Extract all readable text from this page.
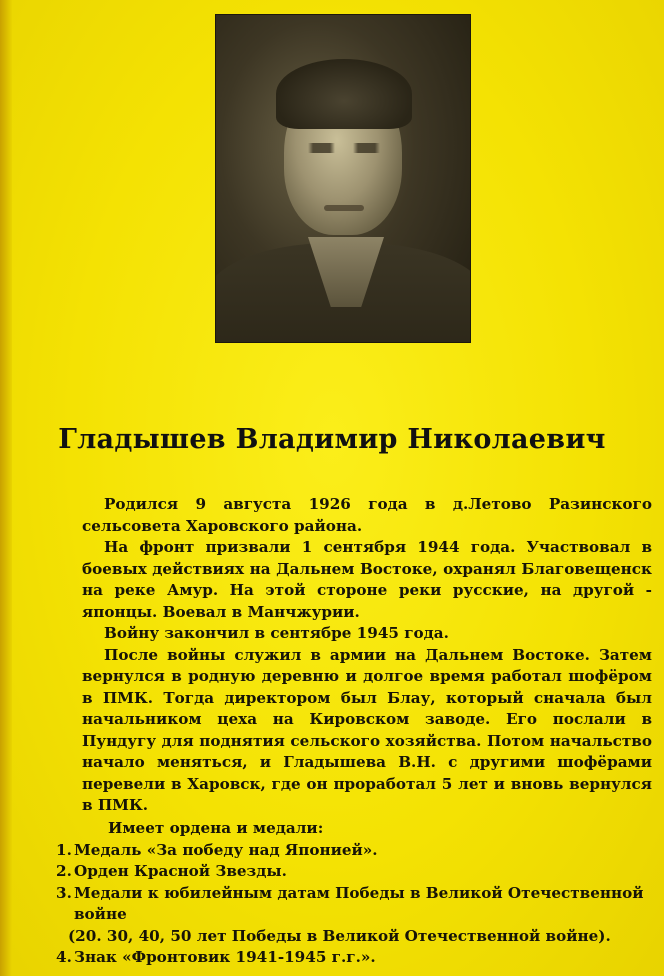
Гладышев Владимир Николаевич

Родился 9 августа 1926 года в д.Летово Разинского сельсовета Харовского района.

На фронт призвали 1 сентября 1944 года. Участвовал в боевых действиях на Дальнем Востоке, охранял Благовещенск на реке Амур. На этой стороне реки русские, на другой - японцы. Воевал в Манчжурии.

Войну закончил в сентябре 1945 года.

После войны служил в армии на Дальнем Востоке. Затем вернулся в родную деревню и долгое время работал шофёром в ПМК. Тогда директором был Блау, который сначала был начальником цеха на Кировском заводе. Его послали в Пундугу для поднятия сельского хозяйства. Потом начальство начало меняться, и Гладышева В.Н. с другими шофёрами перевели в Харовск, где он проработал 5 лет и вновь вернулся в ПМК.

Имеет ордена и медали:
1. Медаль «За победу над Японией».
2. Орден Красной Звезды.
3. Медали к юбилейным датам Победы в Великой Отечественной войне
(20. 30, 40, 50 лет Победы в Великой Отечественной войне).
4. Знак «Фронтовик 1941-1945 г.г.».
